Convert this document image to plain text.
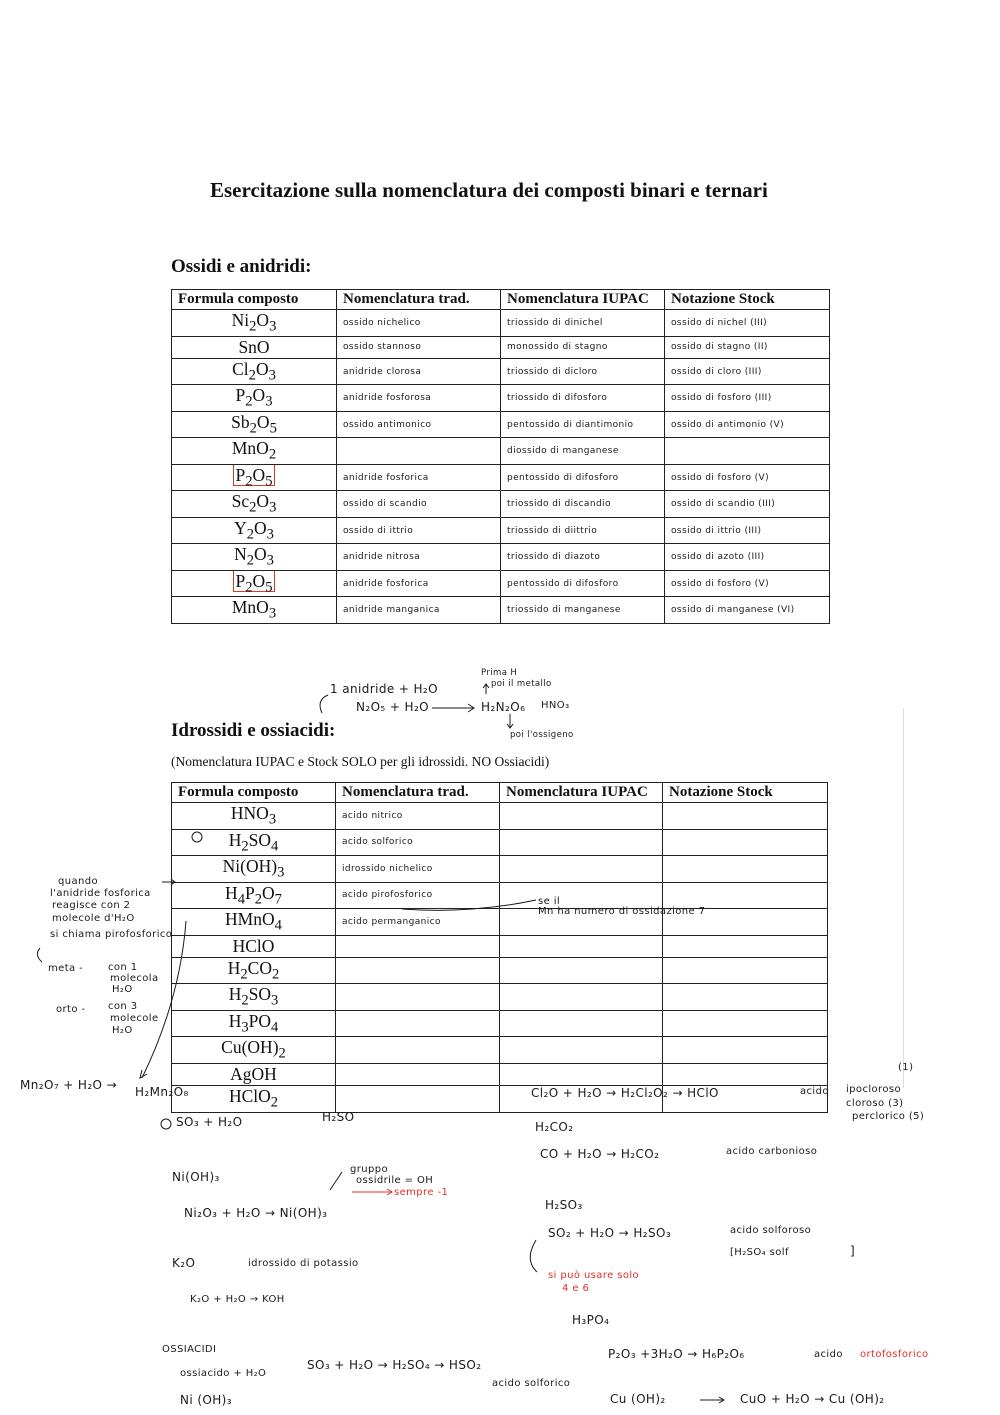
Esercitazione sulla nomenclatura dei composti binari e ternari
Ossidi e anidridi:
Formula composto	Nomenclatura trad.	Nomenclatura IUPAC	Notazione Stock
$Ni_2O_3$	ossido nichelico	triossido di dinichel	ossido di nichel (III)
SnO	ossido stannoso	monossido di stagno	ossido di stagno (II)
$Cl_2O_3$	anidride clorosa	triossido di dicloro	ossido di cloro (III)
$P_2O_3$	anidride fosforosa	triossido di difosforo	ossido di fosforo (III)
$Sb_2O_5$	ossido antimonico	pentossido di diantimonio	ossido di antimonio (V)
MnO$_2$		diossido di manganese	
$P_2O_5$	anidride fosforica	pentossido di difosforo	ossido di fosforo (V)
$Sc_2O_3$	ossido di scandio	triossido di discandio	ossido di scandio (III)
$Y_2O_3$	ossido di ittrio	triossido di diittrio	ossido di ittrio (III)
$N_2O_3$	anidride nitrosa	triossido di diazoto	ossido di azoto (III)
$P_2O_5$	anidride fosforica	pentossido di difosforo	ossido di fosforo (V)
MnO$_3$	anidride manganica	triossido di manganese	ossido di manganese (VI)
1 anidride + H₂O
N₂O₅ + H₂O
Prima H
poi il metallo
H₂N₂O₆ HNO₃
poi l'ossigeno
Idrossidi e ossiacidi:
(Nomenclatura IUPAC e Stock SOLO per gli idrossidi. NO Ossiacidi)
Formula composto	Nomenclatura trad.	Nomenclatura IUPAC	Notazione Stock
$HNO_3$	acido nitrico		
$H_2SO_4$	acido solforico		
$Ni(OH)_3$	idrossido nichelico		
$H_4P_2O_7$	acido pirofosforico		
HMnO$_4$	acido permanganico		
HClO			
$H_2CO_2$			
$H_2SO_3$			
$H_3PO_4$			
$Cu(OH)_2$			
AgOH			
HClO$_2$			
se il
Mn ha numero di ossidazione 7
quando
l'anidride fosforica
reagisce con 2
molecole d'H₂O
si chiama pirofosforico
meta - con 1
molecola
H₂O
orto - con 3
molecole
H₂O
Mn₂O₇ + H₂O → H₂Mn₂O₈
SO₃ + H₂O	H₂SO
Ni(OH)₃
Ni₂O₃ + H₂O → Ni(OH)₃
gruppo
ossidrile = OH
sempre -1
K₂O	idrossido di potassio
K₂O + H₂O → KOH
OSSIACIDI
ossiacido + H₂O
Ni (OH)₃
SO₃ + H₂O → H₂SO₄ → HSO₂
acido solforico
Cl₂O + H₂O → H₂Cl₂O₂ → HClO	acido ipocloroso
cloroso (3)
perclorico (5)
(1)
H₂CO₂
CO + H₂O → H₂CO₂	acido carbonioso
H₂SO₃
SO₂ + H₂O → H₂SO₃	acido solforoso
[H₂SO₄ solf	]
si può usare solo
4 e 6
H₃PO₄
P₂O₃ +3H₂O → H₆P₂O₆	acido ortofosforico
Cu (OH)₂	CuO + H₂O → Cu (OH)₂
